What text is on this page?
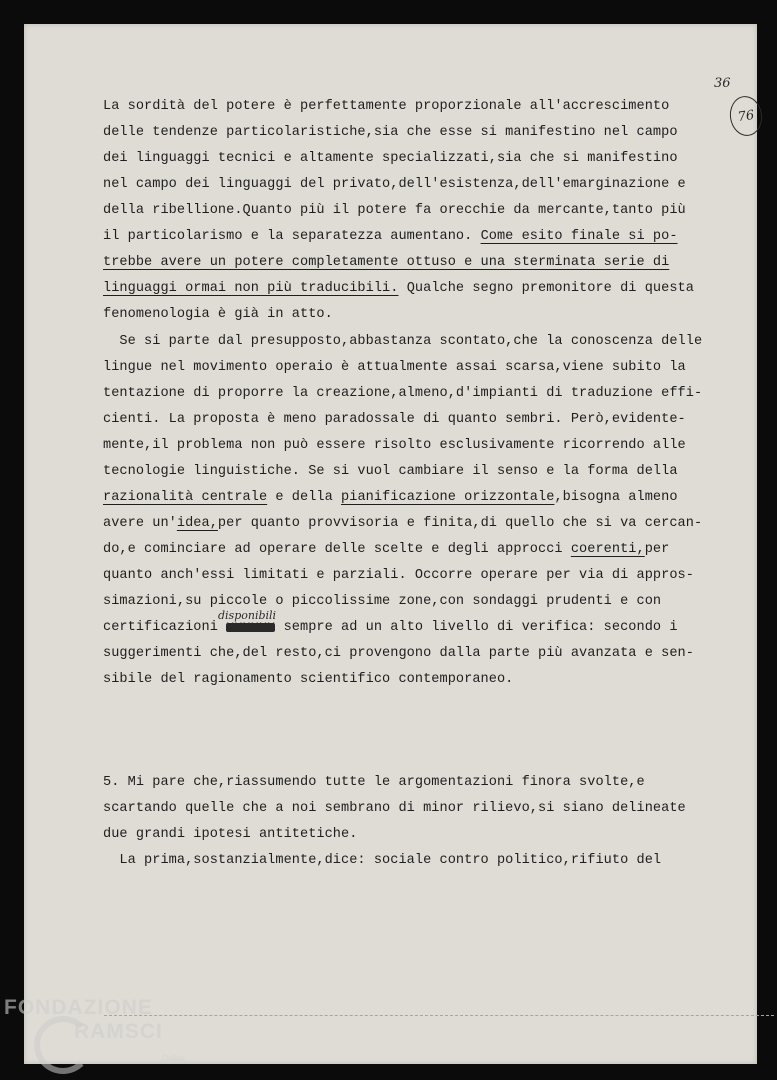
36
76
La sordità del potere è perfettamente proporzionale all'accrescimento
delle tendenze particolaristiche,sia che esse si manifestino nel campo
dei linguaggi tecnici e altamente specializzati,sia che si manifestino
nel campo dei linguaggi del privato,dell'esistenza,dell'emarginazione e
della ribellione.Quanto più il potere fa orecchie da mercante,tanto più
il particolarismo e la separatezza aumentano. Come esito finale si po-
trebbe avere un potere completamente ottuso e una sterminata serie di
linguaggi ormai non più traducibili. Qualche segno premonitore di questa
fenomenologia è già in atto.
Se si parte dal presupposto,abbastanza scontato,che la conoscenza delle
lingue nel movimento operaio è attualmente assai scarsa,viene subito la
tentazione di proporre la creazione,almeno,d'impianti di traduzione effi-
cienti. La proposta è meno paradossale di quanto sembri. Però,evidente-
mente,il problema non può essere risolto esclusivamente ricorrendo alle
tecnologie linguistiche. Se si vuol cambiare il senso e la forma della
razionalità centrale e della pianificazione orizzontale,bisogna almeno
avere un'idea,per quanto provvisoria e finita,di quello che si va cercan-
do,e cominciare ad operare delle scelte e degli approcci coerenti,per
quanto anch'essi limitati e parziali. Occorre operare per via di appros-
simazioni,su piccole o piccolissime zone,con sondaggi prudenti e con
disponibili
certificazioni xxxxxx sempre ad un alto livello di verifica: secondo i
suggerimenti che,del resto,ci provengono dalla parte più avanzata e sen-
sibile del ragionamento scientifico contemporaneo.
5. Mi pare che,riassumendo tutte le argomentazioni finora svolte,e
scartando quelle che a noi sembrano di minor rilievo,si siano delineate
due grandi ipotesi antitetiche.
La prima,sostanzialmente,dice: sociale contro politico,rifiuto del
FONDAZIONE
RAMSCI
Online
